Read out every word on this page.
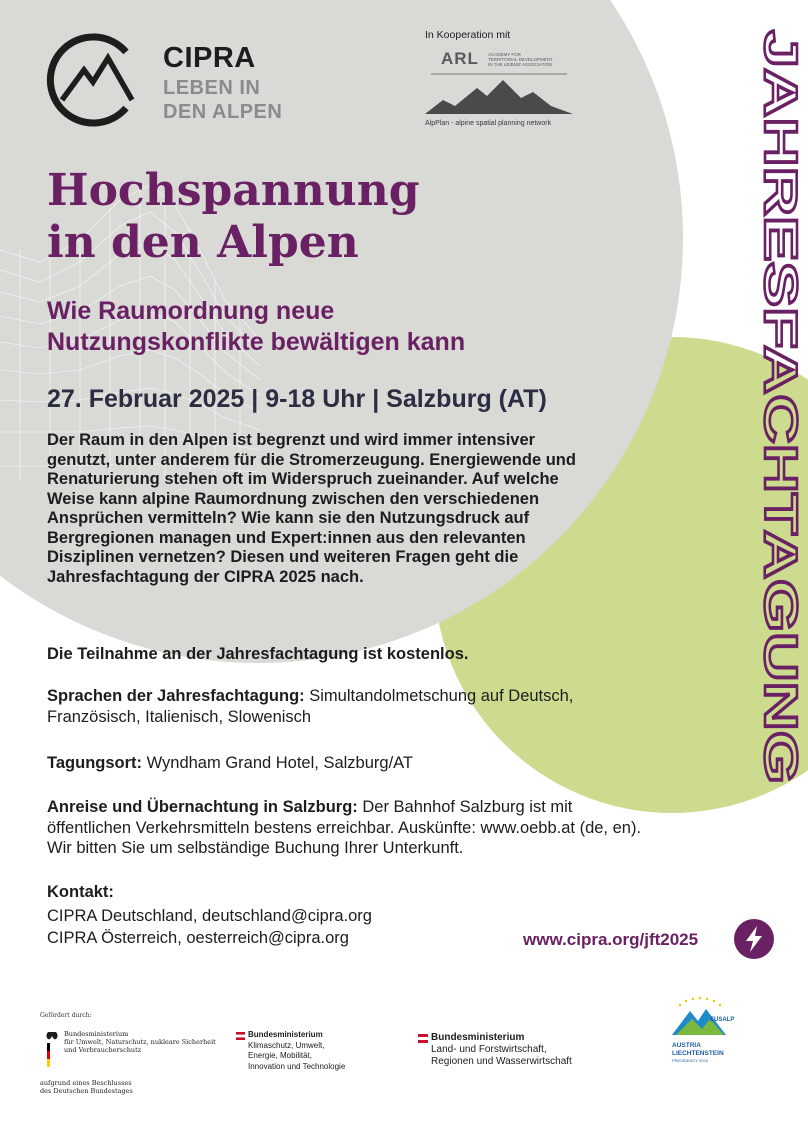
CIPRA
LEBEN IN
DEN ALPEN
In Kooperation mit
ARL ACADEMY FOR
TERRITORIAL DEVELOPMENT
IN THE LEIBNIZ ASSOCIATION
AlpPlan - alpine spatial planning network	JAHRESFACHTAGUNG
Hochspannung
in den Alpen
Wie Raumordnung neue
Nutzungskonflikte bewältigen kann
27. Februar 2025 | 9-18 Uhr | Salzburg (AT)
Der Raum in den Alpen ist begrenzt und wird immer intensiver
genutzt, unter anderem für die Stromerzeugung. Energiewende und
Renaturierung stehen oft im Widerspruch zueinander. Auf welche
Weise kann alpine Raumordnung zwischen den verschiedenen
Ansprüchen vermitteln? Wie kann sie den Nutzungsdruck auf
Bergregionen managen und Expert:innen aus den relevanten
Disziplinen vernetzen? Diesen und weiteren Fragen geht die
Jahresfachtagung der CIPRA 2025 nach.
Die Teilnahme an der Jahresfachtagung ist kostenlos.
Sprachen der Jahresfachtagung: Simultandolmetschung auf Deutsch,
Französisch, Italienisch, Slowenisch
Tagungsort: Wyndham Grand Hotel, Salzburg/AT
Anreise und Übernachtung in Salzburg: Der Bahnhof Salzburg ist mit
öffentlichen Verkehrsmitteln bestens erreichbar. Auskünfte: www.oebb.at (de, en).
Wir bitten Sie um selbständige Buchung Ihrer Unterkunft.
Kontakt:
CIPRA Deutschland, deutschland@cipra.org
CIPRA Österreich, oesterreich@cipra.org	www.cipra.org/jft2025
Gefördert durch:
Bundesministerium
für Umwelt, Naturschutz, nukleare Sicherheit
und Verbraucherschutz
aufgrund eines Beschlusses
des Deutschen Bundestages
Bundesministerium
Klimaschutz, Umwelt,
Energie, Mobilität,
Innovation und Technologie
Bundesministerium
Land- und Forstwirtschaft,
Regionen und Wasserwirtschaft
EUSALP
AUSTRIA
LIECHTENSTEIN
PRESIDENCY 2025
